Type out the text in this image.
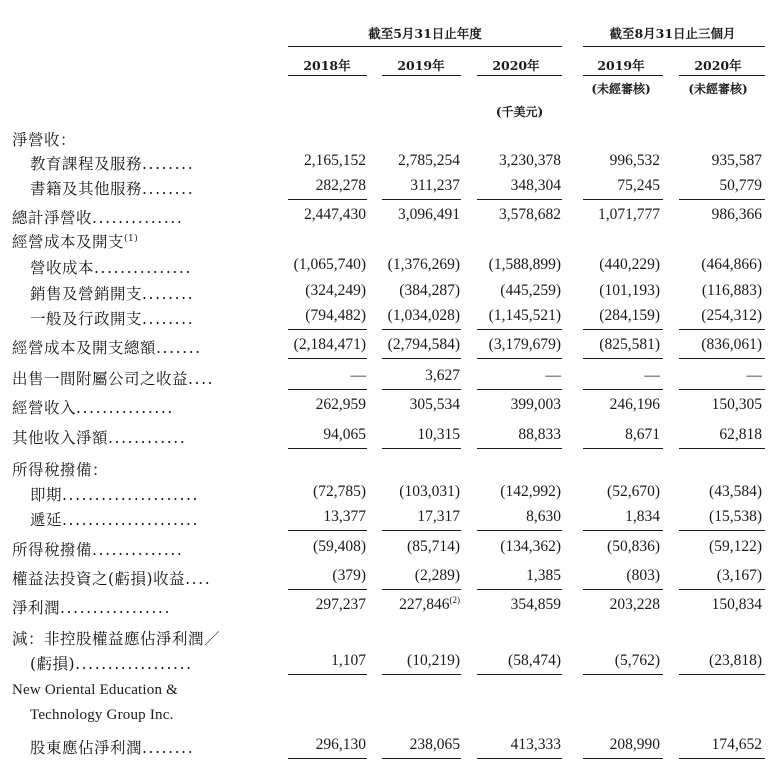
截至5月31日止年度	截至8月31日止三個月
2018年	2019年	2020年	2019年	2020年
(未經審核)	(未經審核)
(千美元)
淨營收：
教育課程及服務........	2,165,152	2,785,254	3,230,378	996,532	935,587
書籍及其他服務........	282,278	311,237	348,304	75,245	50,779
總計淨營收..............	2,447,430	3,096,491	3,578,682	1,071,777	986,366
經營成本及開支$^{(1)}$
營收成本...............	(1,065,740)	(1,376,269)	(1,588,899)	(440,229)	(464,866)
銷售及營銷開支........	(324,249)	(384,287)	(445,259)	(101,193)	(116,883)
一般及行政開支........	(794,482)	(1,034,028)	(1,145,521)	(284,159)	(254,312)
經營成本及開支總額.......	(2,184,471)	(2,794,584)	(3,179,679)	(825,581)	(836,061)
出售一間附屬公司之收益....	—	3,627	—	—	—
經營收入...............	262,959	305,534	399,003	246,196	150,305
其他收入淨額............	94,065	10,315	88,833	8,671	62,818
所得稅撥備：
即期.....................	(72,785)	(103,031)	(142,992)	(52,670)	(43,584)
遞延.....................	13,377	17,317	8,630	1,834	(15,538)
所得稅撥備..............	(59,408)	(85,714)	(134,362)	(50,836)	(59,122)
權益法投資之(虧損)收益....	(379)	(2,289)	1,385	(803)	(3,167)
淨利潤.................	297,237	227,846$^{(2)}$	354,859	203,228	150,834
減：非控股權益應佔淨利潤／
(虧損)..................	1,107	(10,219)	(58,474)	(5,762)	(23,818)
New Oriental Education &
Technology Group Inc.
股東應佔淨利潤........	296,130	238,065	413,333	208,990	174,652
